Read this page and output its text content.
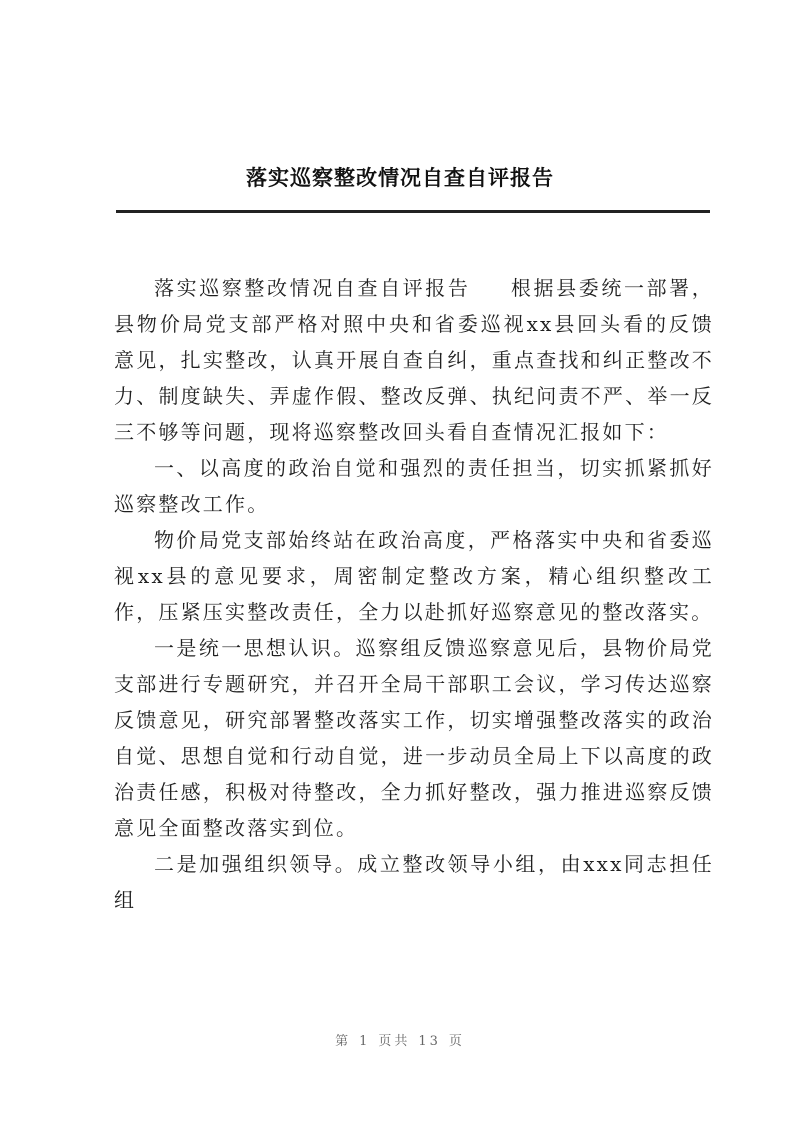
落实巡察整改情况自查自评报告

落实巡察整改情况自查自评报告 根据县委统一部署，县物价局党支部严格对照中央和省委巡视xx县回头看的反馈意见，扎实整改，认真开展自查自纠，重点查找和纠正整改不力、制度缺失、弄虚作假、整改反弹、执纪问责不严、举一反三不够等问题，现将巡察整改回头看自查情况汇报如下：

一、以高度的政治自觉和强烈的责任担当，切实抓紧抓好巡察整改工作。

物价局党支部始终站在政治高度，严格落实中央和省委巡视xx县的意见要求，周密制定整改方案，精心组织整改工作，压紧压实整改责任，全力以赴抓好巡察意见的整改落实。

一是统一思想认识。巡察组反馈巡察意见后，县物价局党支部进行专题研究，并召开全局干部职工会议，学习传达巡察反馈意见，研究部署整改落实工作，切实增强整改落实的政治自觉、思想自觉和行动自觉，进一步动员全局上下以高度的政治责任感，积极对待整改，全力抓好整改，强力推进巡察反馈意见全面整改落实到位。

二是加强组织领导。成立整改领导小组，由xxx同志担任组

第 1 页共 13 页
